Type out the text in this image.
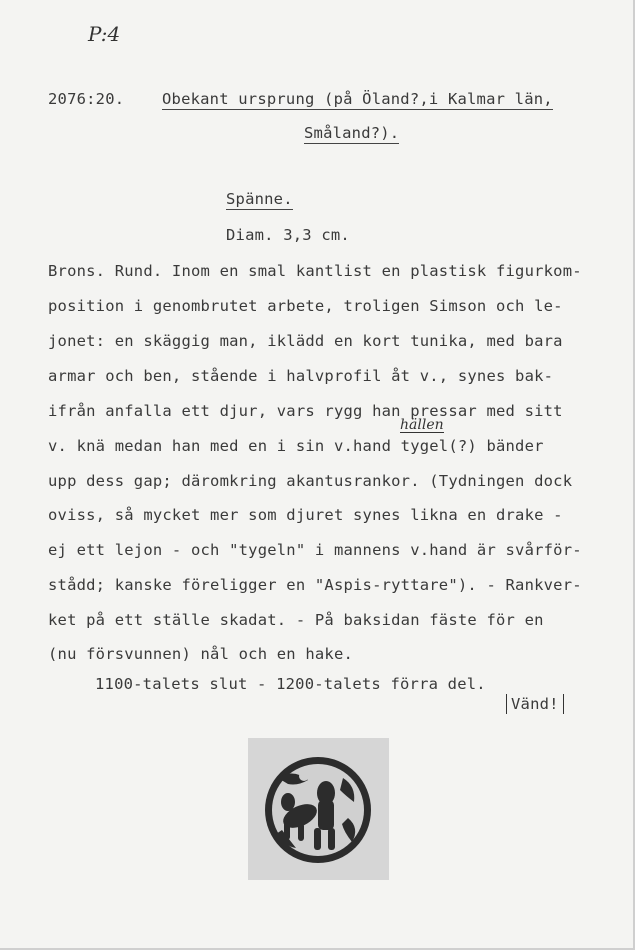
P:4
2076:20. Obekant ursprung (på Öland?,i Kalmar län,
Småland?).
Spänne.
Diam. 3,3 cm.
Brons. Rund. Inom en smal kantlist en plastisk figurkom-
position i genombrutet arbete, troligen Simson och le-
jonet: en skäggig man, iklädd en kort tunika, med bara
armar och ben, stående i halvprofil åt v., synes bak-
ifrån anfalla ett djur, vars rygg han pressar med sitt
v. knä medan han med en i sin v.hand tygel(?) bänder
upp dess gap; däromkring akantusrankor. (Tydningen dock
oviss, så mycket mer som djuret synes likna en drake -
ej ett lejon - och "tygeln" i mannens v.hand är svårför-
stådd; kanske föreligger en "Aspis-ryttare"). - Rankver-
ket på ett ställe skadat. - På baksidan fäste för en
(nu försvunnen) nål och en hake.
hällen
1100-talets slut - 1200-talets förra del.
Vänd!
